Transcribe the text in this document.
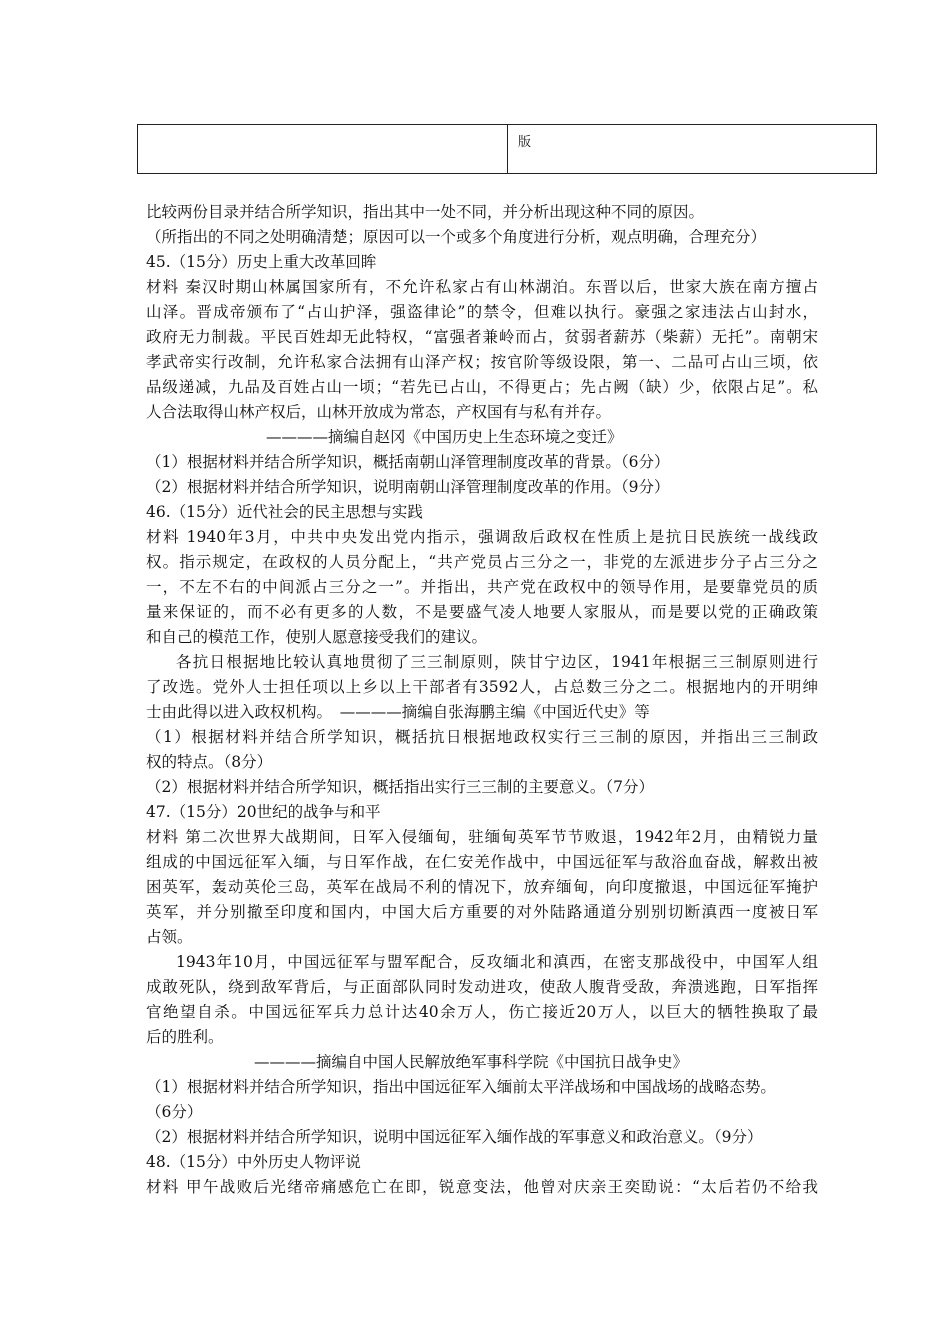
版
比较两份目录并结合所学知识，指出其中一处不同，并分析出现这种不同的原因。
（所指出的不同之处明确清楚；原因可以一个或多个角度进行分析，观点明确，合理充分）
45.（15分）历史上重大改革回眸
材料 秦汉时期山林属国家所有，不允许私家占有山林湖泊。东晋以后，世家大族在南方擅占
山泽。晋成帝颁布了“占山护泽，强盗律论”的禁令，但难以执行。豪强之家违法占山封水，
政府无力制裁。平民百姓却无此特权，“富强者兼岭而占，贫弱者薪苏（柴薪）无托”。南朝宋
孝武帝实行改制，允许私家合法拥有山泽产权；按官阶等级设限，第一、二品可占山三顷，依
品级递减，九品及百姓占山一顷；“若先已占山，不得更占；先占阙（缺）少，依限占足”。私
人合法取得山林产权后，山林开放成为常态，产权国有与私有并存。
————摘编自赵冈《中国历史上生态环境之变迁》
（1）根据材料并结合所学知识，概括南朝山泽管理制度改革的背景。（6分）
（2）根据材料并结合所学知识，说明南朝山泽管理制度改革的作用。（9分）
46.（15分）近代社会的民主思想与实践
材料 1940年3月，中共中央发出党内指示，强调敌后政权在性质上是抗日民族统一战线政
权。指示规定，在政权的人员分配上，“共产党员占三分之一，非党的左派进步分子占三分之
一，不左不右的中间派占三分之一”。并指出，共产党在政权中的领导作用，是要靠党员的质
量来保证的，而不必有更多的人数，不是要盛气凌人地要人家服从，而是要以党的正确政策
和自己的模范工作，使别人愿意接受我们的建议。
各抗日根据地比较认真地贯彻了三三制原则，陕甘宁边区，1941年根据三三制原则进行
了改选。党外人士担任项以上乡以上干部者有3592人，占总数三分之二。根据地内的开明绅
士由此得以进入政权机构。　————摘编自张海鹏主编《中国近代史》等
（1）根据材料并结合所学知识，概括抗日根据地政权实行三三制的原因，并指出三三制政
权的特点。（8分）
（2）根据材料并结合所学知识，概括指出实行三三制的主要意义。（7分）
47.（15分）20世纪的战争与和平
材料 第二次世界大战期间，日军入侵缅甸，驻缅甸英军节节败退，1942年2月，由精锐力量
组成的中国远征军入缅，与日军作战，在仁安羌作战中，中国远征军与敌浴血奋战，解救出被
困英军，轰动英伦三岛，英军在战局不利的情况下，放弃缅甸，向印度撤退，中国远征军掩护
英军，并分别撤至印度和国内，中国大后方重要的对外陆路通道分别别切断滇西一度被日军
占领。
1943年10月，中国远征军与盟军配合，反攻缅北和滇西，在密支那战役中，中国军人组
成敢死队，绕到敌军背后，与正面部队同时发动进攻，使敌人腹背受敌，奔溃逃跑，日军指挥
官绝望自杀。中国远征军兵力总计达40余万人，伤亡接近20万人，以巨大的牺牲换取了最
后的胜利。
————摘编自中国人民解放绝军事科学院《中国抗日战争史》
（1）根据材料并结合所学知识，指出中国远征军入缅前太平洋战场和中国战场的战略态势。
（6分）
（2）根据材料并结合所学知识，说明中国远征军入缅作战的军事意义和政治意义。（9分）
48.（15分）中外历史人物评说
材料 甲午战败后光绪帝痛感危亡在即，锐意变法，他曾对庆亲王奕劻说：“太后若仍不给我
